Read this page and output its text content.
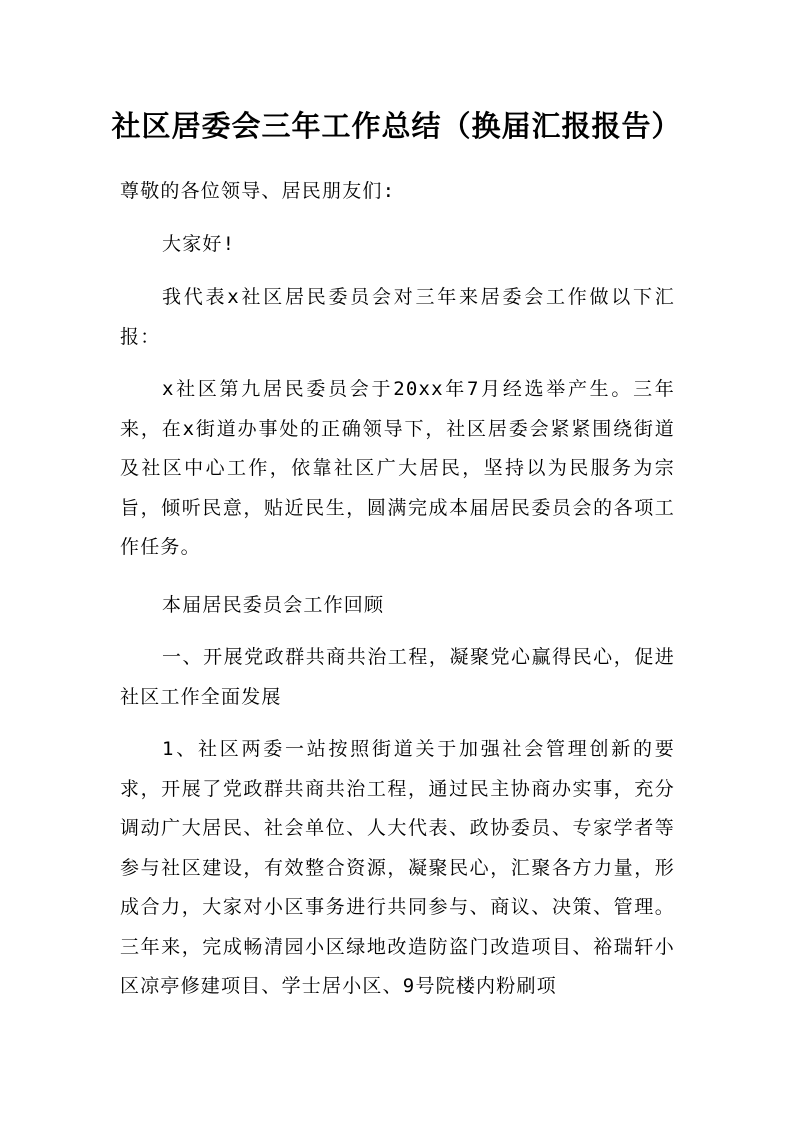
社区居委会三年工作总结（换届汇报报告）

尊敬的各位领导、居民朋友们:

大家好!

我代表x社区居民委员会对三年来居委会工作做以下汇报：

x社区第九居民委员会于20xx年7月经选举产生。三年来，在x街道办事处的正确领导下，社区居委会紧紧围绕街道及社区中心工作，依靠社区广大居民，坚持以为民服务为宗旨，倾听民意，贴近民生，圆满完成本届居民委员会的各项工作任务。

本届居民委员会工作回顾

一、开展党政群共商共治工程，凝聚党心赢得民心，促进社区工作全面发展

1、社区两委一站按照街道关于加强社会管理创新的要求，开展了党政群共商共治工程，通过民主协商办实事，充分调动广大居民、社会单位、人大代表、政协委员、专家学者等参与社区建设，有效整合资源，凝聚民心，汇聚各方力量，形成合力，大家对小区事务进行共同参与、商议、决策、管理。三年来，完成畅清园小区绿地改造防盗门改造项目、裕瑞轩小区凉亭修建项目、学士居小区、9号院楼内粉刷项
